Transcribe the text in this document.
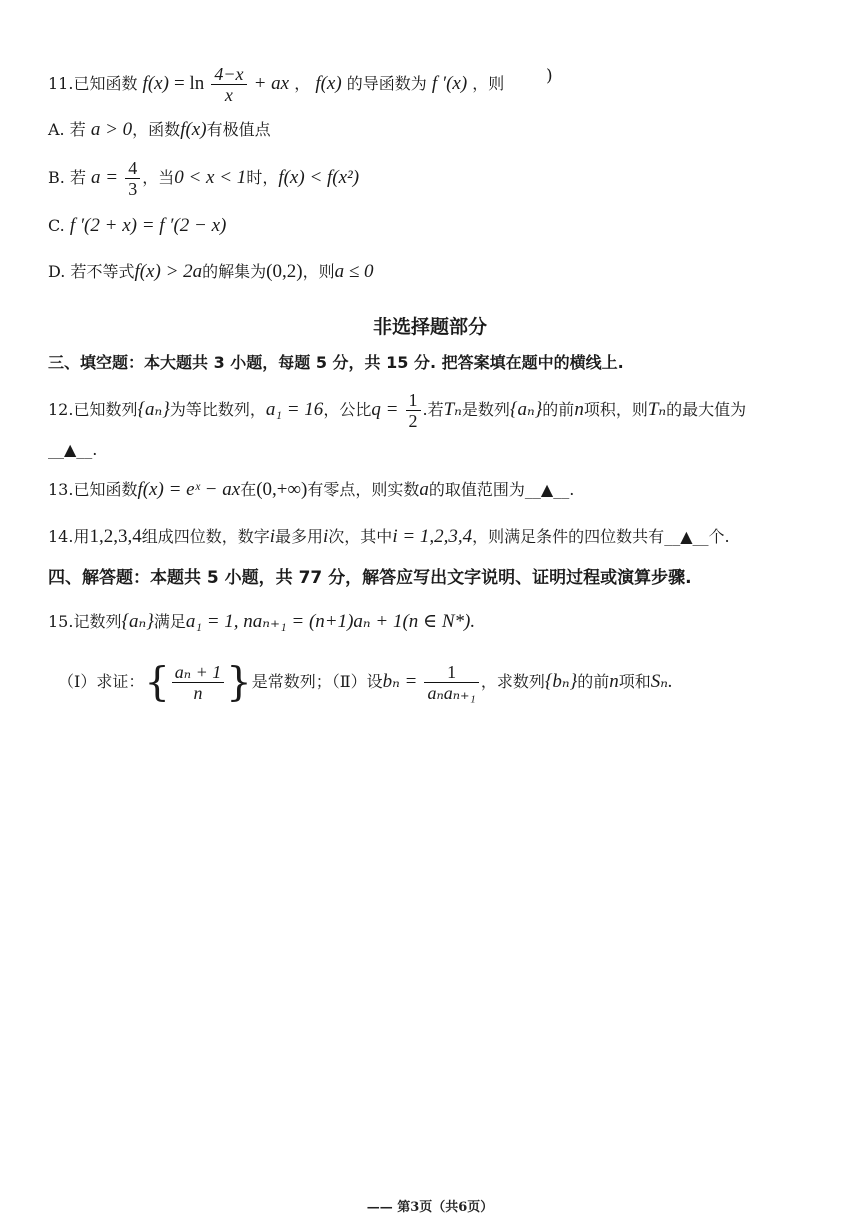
11.已知函数 $f(x) = \ln \frac{4-x}{x}$ + ax ， f(x) 的导函数为 f ′(x) ，则 )
A. 若 a > 0，函数f(x)有极值点
B. 若 $a = \frac{4}{3}$ ，当0 < x < 1时，f(x) < f(x²)
C. f ′(2 + x) = f ′(2 − x)
D. 若不等式f(x) > 2a的解集为(0,2)，则a ≤ 0
非选择题部分
三、填空题：本大题共 3 小题，每题 5 分，共 15 分. 把答案填在题中的横线上.
12.已知数列{aₙ}为等比数列，a₁ = 16，公比$q = \frac{1}{2}$ .若Tₙ是数列{aₙ}的前n项积，则Tₙ的最大值为
__▲__.
13.已知函数f(x) = eˣ − ax在(0,+∞)有零点，则实数a的取值范围为__▲__.
14.用1,2,3,4组成四位数，数字i最多用i次，其中i = 1,2,3,4，则满足条件的四位数共有__▲__个.
四、解答题：本题共 5 小题，共 77 分，解答应写出文字说明、证明过程或演算步骤.
15.记数列{aₙ}满足a₁ = 1, naₙ₊₁ = (n+1)aₙ + 1(n ∈ N*).
（Ⅰ）求证：{ $\frac{\text{aₙ + 1}}{n}$ }是常数列；（Ⅱ）设$b_n = \frac{1}{\text{aₙaₙ₊₁}}$ ，求数列{bₙ}的前n项和Sₙ.
—— 第3页（共6页）
